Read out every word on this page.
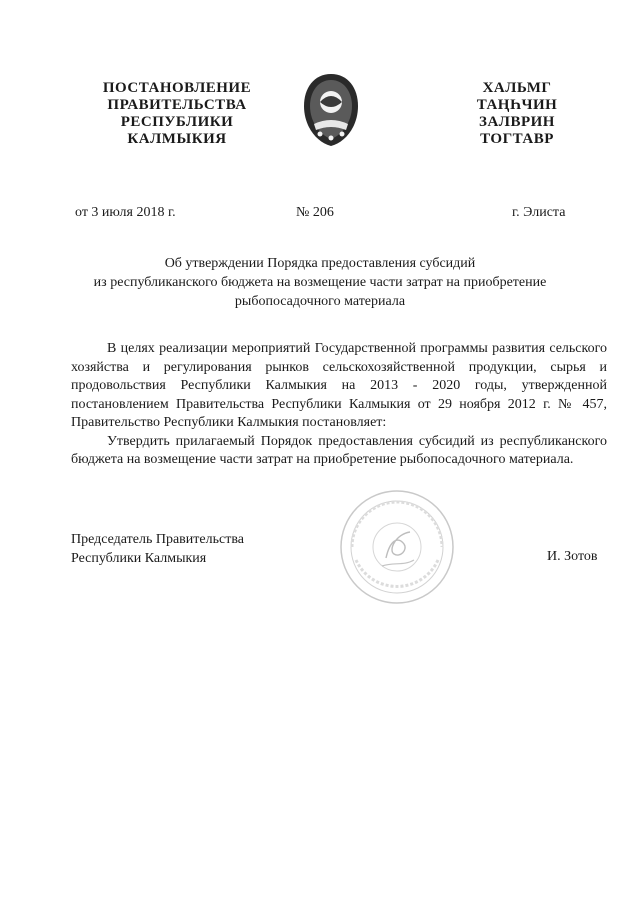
ПОСТАНОВЛЕНИЕ
ПРАВИТЕЛЬСТВА
РЕСПУБЛИКИ
КАЛМЫКИЯ
ХАЛЬМГ
ТАҢҺЧИН
ЗАЛВРИН
ТОГТАВР
от 3 июля 2018 г.	№ 206	г. Элиста
Об утверждении Порядка предоставления субсидий
из республиканского бюджета на возмещение части затрат на приобретение
рыбопосадочного материала

В целях реализации мероприятий Государственной программы развития сельского хозяйства и регулирования рынков сельскохозяйственной продукции, сырья и продовольствия Республики Калмыкия на 2013 - 2020 годы, утвержденной постановлением Правительства Республики Калмыкия от 29 ноября 2012 г. № 457, Правительство Республики Калмыкия постановляет:

Утвердить прилагаемый Порядок предоставления субсидий из республиканского бюджета на возмещение части затрат на приобретение рыбопосадочного материала.

Председатель Правительства
Республики Калмыкия	И. Зотов
